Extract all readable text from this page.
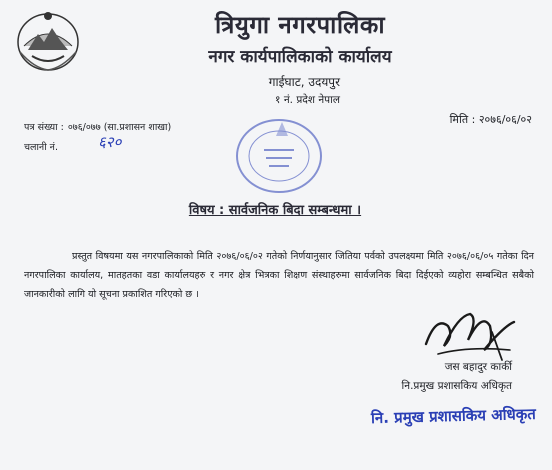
त्रियुगा नगरपालिका
नगर कार्यपालिकाको कार्यालय
गाईघाट, उदयपुर
१ नं. प्रदेश नेपाल
पत्र संख्या : ०७६/०७७ (सा.प्रशासन शाखा)
मिति : २०७६/०६/०२
चलानी नं.	६२०
विषय : सार्वजनिक बिदा सम्बन्धमा ।
प्रस्तुत विषयमा यस नगरपालिकाको मिति २०७६/०६/०२ गतेको निर्णयानुसार जितिया पर्वको उपलक्ष्यमा मिति २०७६/०६/०५ गतेका दिन नगरपालिका कार्यालय, मातहतका वडा कार्यालयहरु र नगर क्षेत्र भित्रका शिक्षण संस्थाहरुमा सार्वजनिक बिदा दिईएको व्यहोरा सम्बन्धित सबैको जानकारीको लागि यो सूचना प्रकाशित गरिएको छ ।
जस बहादुर कार्की
नि.प्रमुख प्रशासकिय अधिकृत
नि. प्रमुख प्रशासकिय अधिकृत
